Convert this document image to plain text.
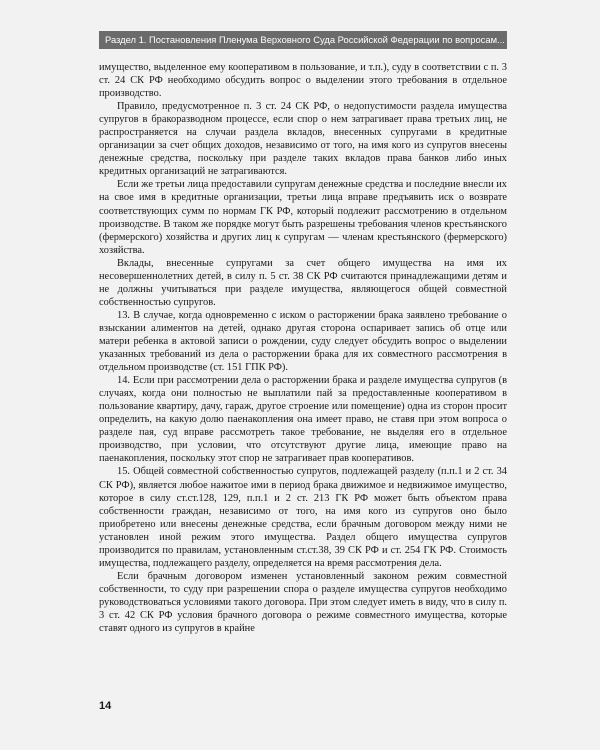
Раздел 1. Постановления Пленума Верховного Суда Российской Федерации по вопросам...

имущество, выделенное ему кооперативом в пользование, и т.п.), суду в соответствии с п. 3 ст. 24 СК РФ необходимо обсудить вопрос о выделении этого требования в отдельное производство.

Правило, предусмотренное п. 3 ст. 24 СК РФ, о недопустимости раздела имущества супругов в бракоразводном процессе, если спор о нем затрагивает права третьих лиц, не распространяется на случаи раздела вкладов, внесенных супругами в кредитные организации за счет общих доходов, независимо от того, на имя кого из супругов внесены денежные средства, поскольку при разделе таких вкладов права банков либо иных кредитных организаций не затрагиваются.

Если же третьи лица предоставили супругам денежные средства и последние внесли их на свое имя в кредитные организации, третьи лица вправе предъявить иск о возврате соответствующих сумм по нормам ГК РФ, который подлежит рассмотрению в отдельном производстве. В таком же порядке могут быть разрешены требования членов крестьянского (фермерского) хозяйства и других лиц к супругам — членам крестьянского (фермерского) хозяйства.

Вклады, внесенные супругами за счет общего имущества на имя их несовершеннолетних детей, в силу п. 5 ст. 38 СК РФ считаются принадлежащими детям и не должны учитываться при разделе имущества, являющегося общей совместной собственностью супругов.

13. В случае, когда одновременно с иском о расторжении брака заявлено требование о взыскании алиментов на детей, однако другая сторона оспаривает запись об отце или матери ребенка в актовой записи о рождении, суду следует обсудить вопрос о выделении указанных требований из дела о расторжении брака для их совместного рассмотрения в отдельном производстве (ст. 151 ГПК РФ).

14. Если при рассмотрении дела о расторжении брака и разделе имущества супругов (в случаях, когда они полностью не выплатили пай за предоставленные кооперативом в пользование квартиру, дачу, гараж, другое строение или помещение) одна из сторон просит определить, на какую долю паенакопления она имеет право, не ставя при этом вопроса о разделе пая, суд вправе рассмотреть такое требование, не выделяя его в отдельное производство, при условии, что отсутствуют другие лица, имеющие право на паенакопления, поскольку этот спор не затрагивает прав кооперативов.

15. Общей совместной собственностью супругов, подлежащей разделу (п.п.1 и 2 ст. 34 СК РФ), является любое нажитое ими в период брака движимое и недвижимое имущество, которое в силу ст.ст.128, 129, п.п.1 и 2 ст. 213 ГК РФ может быть объектом права собственности граждан, независимо от того, на имя кого из супругов оно было приобретено или внесены денежные средства, если брачным договором между ними не установлен иной режим этого имущества. Раздел общего имущества супругов производится по правилам, установленным ст.ст.38, 39 СК РФ и ст. 254 ГК РФ. Стоимость имущества, подлежащего разделу, определяется на время рассмотрения дела.

Если брачным договором изменен установленный законом режим совместной собственности, то суду при разрешении спора о разделе имущества супругов необходимо руководствоваться условиями такого договора. При этом следует иметь в виду, что в силу п. 3 ст. 42 СК РФ условия брачного договора о режиме совместного имущества, которые ставят одного из супругов в крайне

14
